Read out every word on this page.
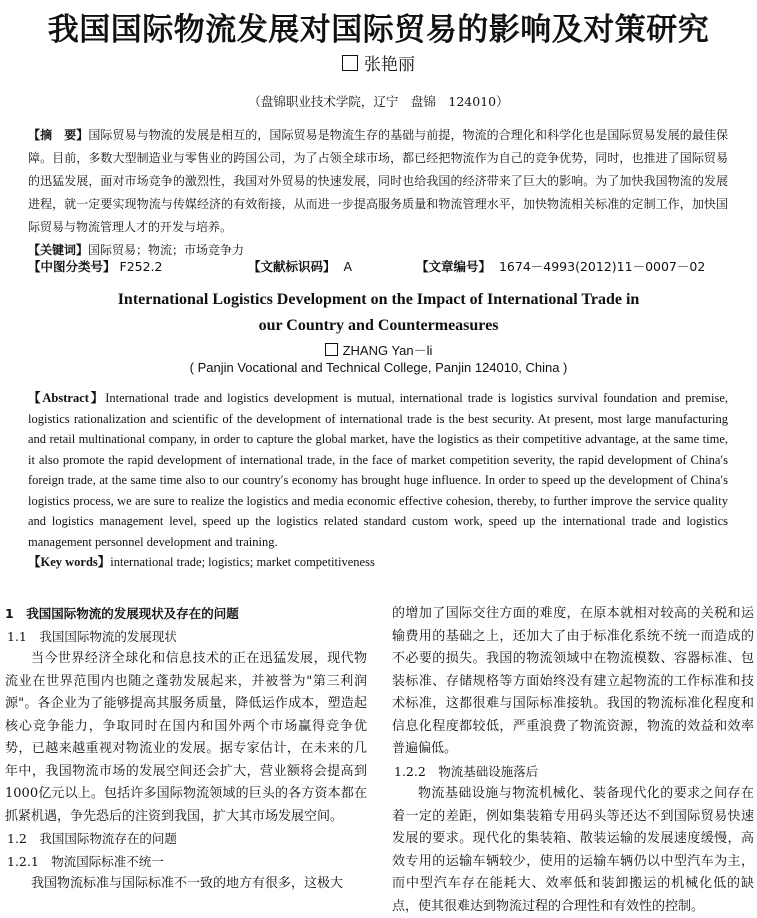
我国国际物流发展对国际贸易的影响及对策研究
张艳丽
（盘锦职业技术学院，辽宁　盘锦　124010）
【摘　要】国际贸易与物流的发展是相互的，国际贸易是物流生存的基础与前提，物流的合理化和科学化也是国际贸易发展的最佳保障。目前，多数大型制造业与零售业的跨国公司，为了占领全球市场，都已经把物流作为自己的竞争优势，同时，也推进了国际贸易的迅猛发展，面对市场竞争的激烈性，我国对外贸易的快速发展，同时也给我国的经济带来了巨大的影响。为了加快我国物流的发展进程，就一定要实现物流与传媒经济的有效衔接，从而进一步提高服务质量和物流管理水平，加快物流相关标准的定制工作，加快国际贸易与物流管理人才的开发与培养。
【关键词】国际贸易；物流；市场竞争力
【中图分类号】 F252.2	【文献标识码】 A	【文章编号】 1674－4993(2012)11－0007－02
International Logistics Development on the Impact of International Trade in
our Country and Countermeasures
ZHANG Yan－li
( Panjin Vocational and Technical College, Panjin 124010, China )
【Abstract】International trade and logistics development is mutual, international trade is logistics survival foundation and premise, logistics rationalization and scientific of the development of international trade is the best security. At present, most large manufacturing and retail multinational company, in order to capture the global market, have the logistics as their competitive advantage, at the same time, it also promote the rapid development of international trade, in the face of market competition severity, the rapid development of China′s foreign trade, at the same time also to our country′s economy has brought huge influence. In order to speed up the development of China′s logistics process, we are sure to realize the logistics and media economic effective cohesion, thereby, to further improve the service quality and logistics management level, speed up the logistics related standard custom work, speed up the international trade and logistics management personnel development and training.
【Key words】international trade; logistics; market competitiveness

1　我国国际物流的发展现状及存在的问题

1.1　我国国际物流的发展现状

当今世界经济全球化和信息技术的正在迅猛发展，现代物流业在世界范围内也随之蓬勃发展起来，并被誉为"第三利润源"。各企业为了能够提高其服务质量，降低运作成本，塑造起核心竞争能力，争取同时在国内和国外两个市场赢得竞争优势，已越来越重视对物流业的发展。据专家估计，在未来的几年中，我国物流市场的发展空间还会扩大，营业额将会提高到1000亿元以上。包括许多国际物流领域的巨头的各方资本都在抓紧机遇，争先恐后的注资到我国，扩大其市场发展空间。

1.2　我国国际物流存在的问题

1.2.1　物流国际标准不统一

我国物流标准与国际标准不一致的地方有很多，这极大

的增加了国际交往方面的难度，在原本就相对较高的关税和运输费用的基础之上，还加大了由于标准化系统不统一而造成的不必要的损失。我国的物流领域中在物流模数、容器标准、包装标准、存储规格等方面始终没有建立起物流的工作标准和技术标准，这都很难与国际标准接轨。我国的物流标准化程度和信息化程度都较低，严重浪费了物流资源，物流的效益和效率普遍偏低。

1.2.2　物流基础设施落后

物流基础设施与物流机械化、装备现代化的要求之间存在着一定的差距，例如集装箱专用码头等还达不到国际贸易快速发展的要求。现代化的集装箱、散装运输的发展速度缓慢，高效专用的运输车辆较少，使用的运输车辆仍以中型汽车为主，而中型汽车存在能耗大、效率低和装卸搬运的机械化低的缺点，使其很难达到物流过程的合理性和有效性的控制。
